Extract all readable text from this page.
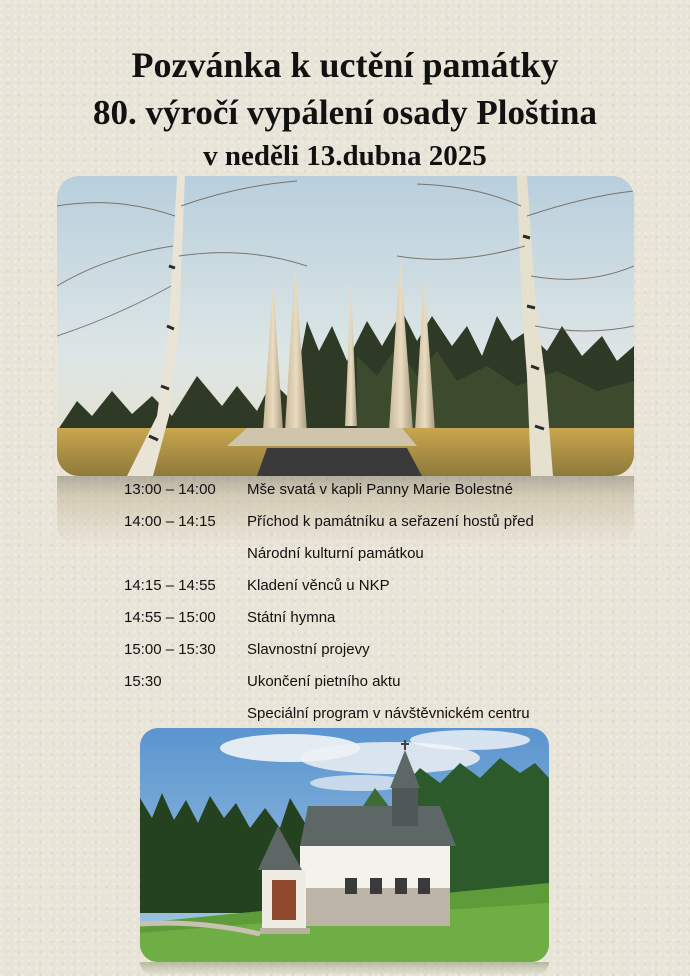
Pozvánka k uctění památky
80. výročí vypálení osady Ploština
v neděli 13.dubna 2025
13:00 – 14:00 Mše svatá v kapli Panny Marie Bolestné
14:00 – 14:15 Příchod k památníku a seřazení hostů před
Národní kulturní památkou
14:15 – 14:55 Kladení věnců u NKP
14:55 – 15:00 Státní hymna
15:00 – 15:30 Slavnostní projevy
15:30	Ukončení pietního aktu
Speciální program v návštěvnickém centru
